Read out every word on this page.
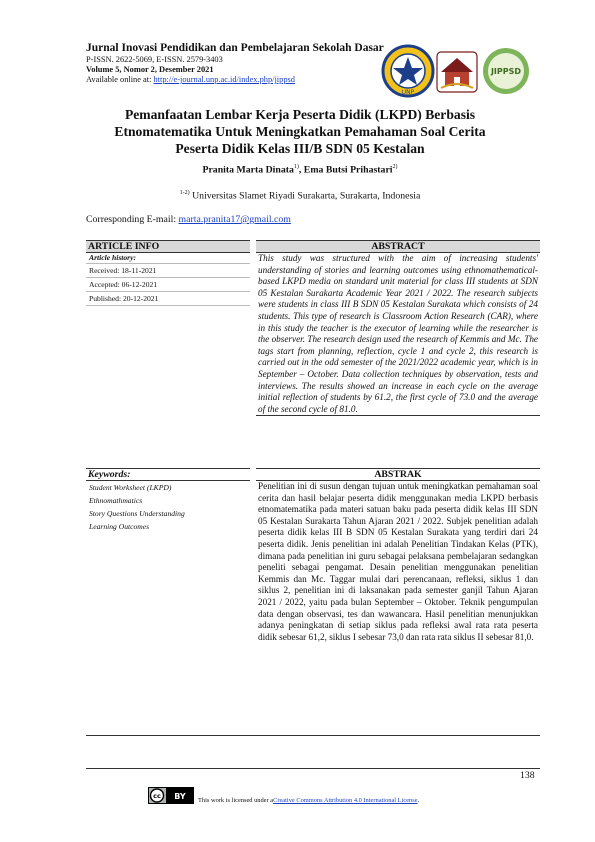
Jurnal Inovasi Pendidikan dan Pembelajaran Sekolah Dasar
P-ISSN. 2622-5069, E-ISSN. 2579-3403
Volume 5, Nomor 2, Desember 2021
Available online at: http://e-journal.unp.ac.id/index.php/jippsd
UNP
JIPPSD
Pemanfaatan Lembar Kerja Peserta Didik (LKPD) Berbasis
Etnomatematika Untuk Meningkatkan Pemahaman Soal Cerita
Peserta Didik Kelas III/B SDN 05 Kestalan
Pranita Marta Dinata$^{1)}$, Ema Butsi Prihastari$^{2)}$
$^{1-2)}$ Universitas Slamet Riyadi Surakarta, Surakarta, Indonesia
Corresponding E-mail: marta.pranita17@gmail.com
ARTICLE INFO
Article history:
Received: 18-11-2021
Accepted: 06-12-2021
Published: 20-12-2021
ABSTRACT
This study was structured with the aim of increasing students' understanding of stories and learning outcomes using ethnomathematical-based LKPD media on standard unit material for class III students at SDN 05 Kestalan Surakarta Academic Year 2021 / 2022. The research subjects were students in class III B SDN 05 Kestalan Surakata which consists of 24 students. This type of research is Classroom Action Research (CAR), where in this study the teacher is the executor of learning while the researcher is the observer. The research design used the research of Kemmis and Mc. The tags start from planning, reflection, cycle 1 and cycle 2, this research is carried out in the odd semester of the 2021/2022 academic year, which is in September – October. Data collection techniques by observation, tests and interviews. The results showed an increase in each cycle on the average initial reflection of students by 61.2, the first cycle of 73.0 and the average of the second cycle of 81.0.
Keywords:
Student Worksheet (LKPD)
Ethnomathmatics
Story Questions Understanding
Learning Outcomes
ABSTRAK
Penelitian ini di susun dengan tujuan untuk meningkatkan pemahaman soal cerita dan hasil belajar peserta didik menggunakan media LKPD berbasis etnomatematika pada materi satuan baku pada peserta didik kelas III SDN 05 Kestalan Surakarta Tahun Ajaran 2021 / 2022. Subjek penelitian adalah peserta didik kelas III B SDN 05 Kestalan Surakata yang terdiri dari 24 peserta didik. Jenis penelitian ini adalah Penelitian Tindakan Kelas (PTK), dimana pada penelitian ini guru sebagai pelaksana pembelajaran sedangkan peneliti sebagai pengamat. Desain penelitian menggunakan penelitian Kemmis dan Mc. Taggar mulai dari perencanaan, refleksi, siklus 1 dan siklus 2, penelitian ini di laksanakan pada semester ganjil Tahun Ajaran 2021 / 2022, yaitu pada bulan September – Oktober. Teknik pengumpulan data dengan observasi, tes dan wawancara. Hasil penelitian menunjukkan adanya peningkatan di setiap siklus pada refleksi awal rata rata peserta didik sebesar 61,2, siklus I sebesar 73,0 dan rata rata siklus II sebesar 81,0.
138
cc BY This work is licensed under a Creative Commons Attribution 4.0 International License .
